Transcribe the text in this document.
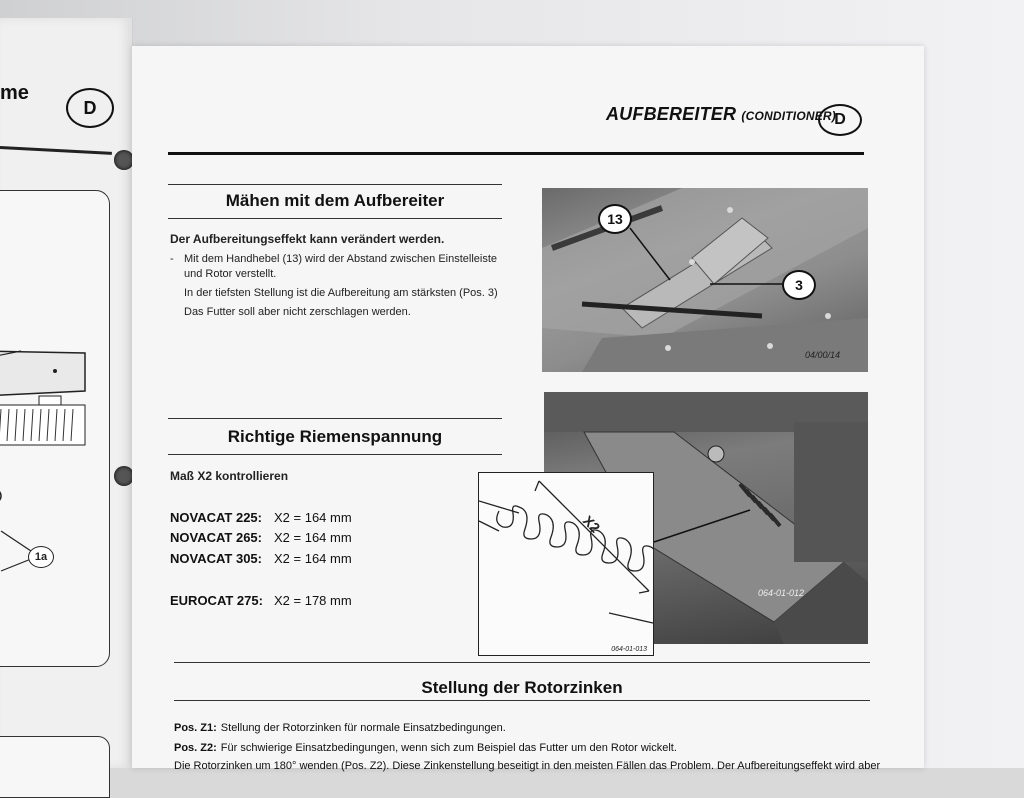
me
D
1a
AUFBEREITER (CONDITIONER)
D
Mähen mit dem Aufbereiter
Der Aufbereitungseffekt kann verändert werden.
- Mit dem Handhebel (13) wird der Abstand zwischen Einstelleiste
und Rotor verstellt.
In der tiefsten Stellung ist die Aufbereitung am stärksten (Pos. 3)
Das Futter soll aber nicht zerschlagen werden.
13
3
04/00/14
Richtige Riemenspannung
Maß X2 kontrollieren
NOVACAT 225: X2 = 164 mm
NOVACAT 265: X2 = 164 mm
NOVACAT 305: X2 = 164 mm
EUROCAT 275: X2 = 178 mm	064-01-012
X2
064-01-013
Stellung der Rotorzinken
Pos. Z1: Stellung der Rotorzinken für normale Einsatzbedingungen.
Pos. Z2: Für schwierige Einsatzbedingungen, wenn sich zum Beispiel das Futter um den Rotor wickelt.
Die Rotorzinken um 180° wenden (Pos. Z2). Diese Zinkenstellung beseitigt in den meisten Fällen das Problem. Der Aufbereitungseffekt wird aber
